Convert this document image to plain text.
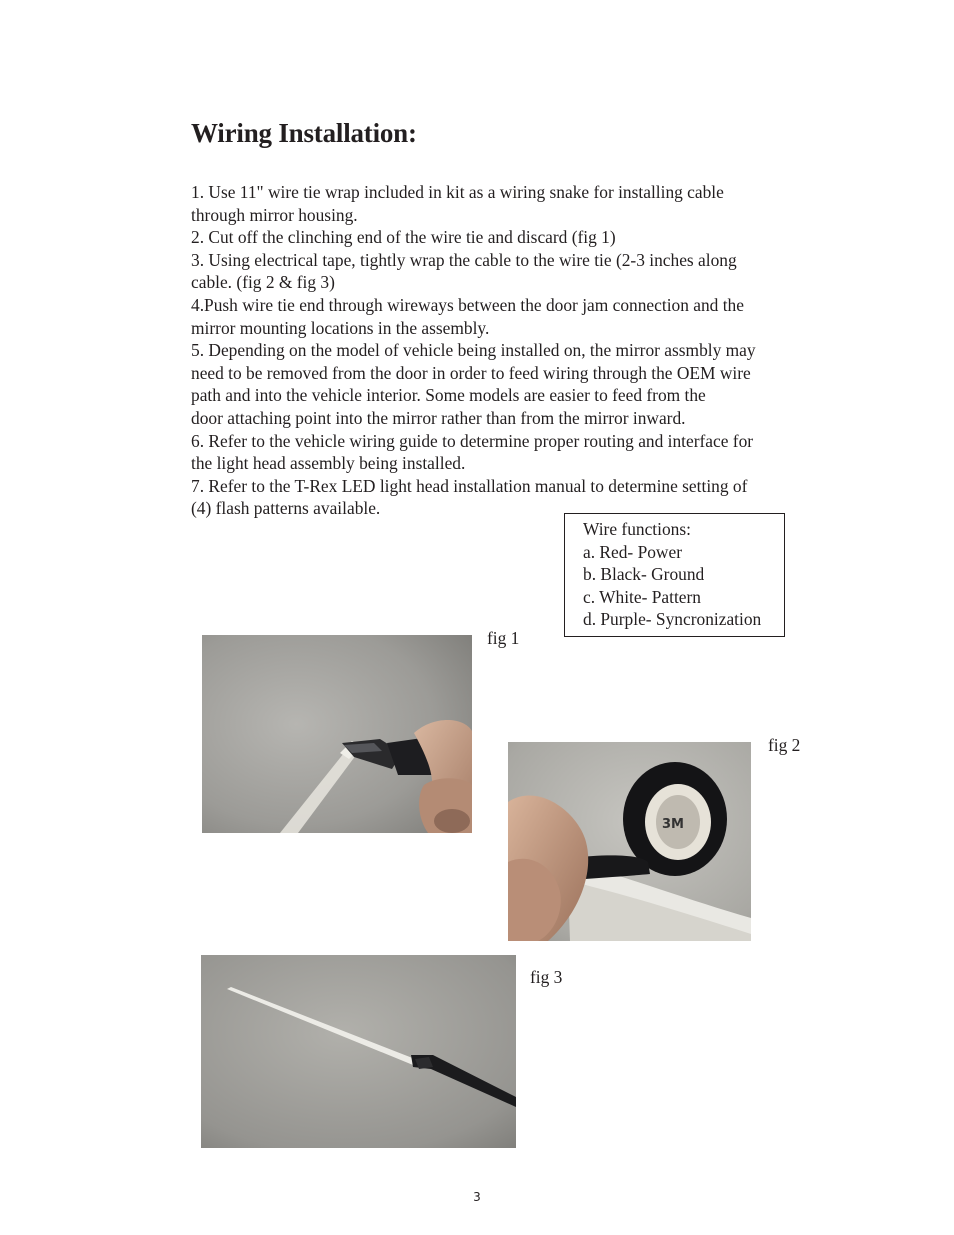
Wiring Installation:

1. Use 11" wire tie wrap included in kit as a wiring snake for installing cable
through mirror housing.

2. Cut off the clinching end of the wire tie and discard (fig 1)

3. Using electrical tape, tightly wrap the cable to the wire tie (2-3 inches along
cable. (fig 2 & fig 3)

4.Push wire tie end through wireways between the door jam connection and the
mirror mounting locations in the assembly.

5. Depending on the model of vehicle being installed on, the mirror assmbly may
need to be removed from the door in order to feed wiring through the OEM wire
path and into the vehicle interior. Some models are easier to feed from the
door attaching point into the mirror rather than from the mirror inward.

6. Refer to the vehicle wiring guide to determine proper routing and interface for
the light head assembly being installed.

7. Refer to the T-Rex LED light head installation manual to determine setting of
(4) flash patterns available.

Wire functions:
a. Red- Power
b. Black- Ground
c. White- Pattern
d. Purple- Syncronization
fig 1
3M
fig 2
fig 3
3
